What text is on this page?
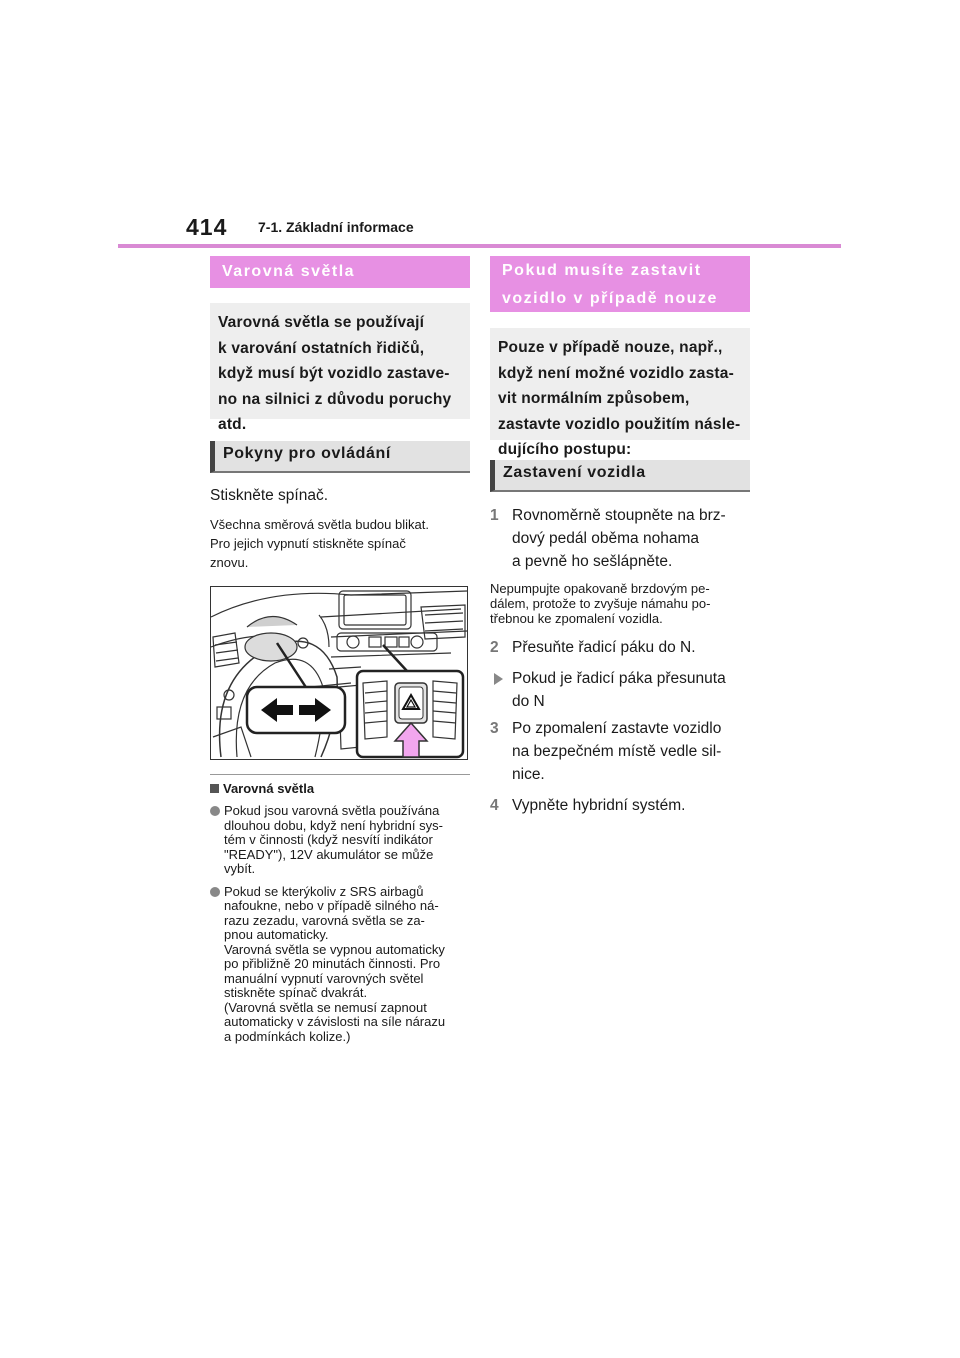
414 7-1. Základní informace
Varovná světla
Varovná světla se používají
k varování ostatních řidičů,
když musí být vozidlo zastave-
no na silnici z důvodu poruchy
atd.
Pokyny pro ovládání
Stiskněte spínač.
Všechna směrová světla budou blikat.
Pro jejich vypnutí stiskněte spínač
znovu.
Varovná světla
Pokud jsou varovná světla používána
dlouhou dobu, když není hybridní sys-
tém v činnosti (když nesvítí indikátor
"READY"), 12V akumulátor se může
vybít.
Pokud se kterýkoliv z SRS airbagů
nafoukne, nebo v případě silného ná-
razu zezadu, varovná světla se za-
pnou automaticky.
Varovná světla se vypnou automaticky
po přibližně 20 minutách činnosti. Pro
manuální vypnutí varovných světel
stiskněte spínač dvakrát.
(Varovná světla se nemusí zapnout
automaticky v závislosti na síle nárazu
a podmínkách kolize.)
Pokud musíte zastavit
vozidlo v případě nouze
Pouze v případě nouze, např.,
když není možné vozidlo zasta-
vit normálním způsobem,
zastavte vozidlo použitím násle-
dujícího postupu:
Zastavení vozidla
1 Rovnoměrně stoupněte na brz-
dový pedál oběma nohama
a pevně ho sešlápněte.
Nepumpujte opakovaně brzdovým pe-
dálem, protože to zvyšuje námahu po-
třebnou ke zpomalení vozidla.
2 Přesuňte řadicí páku do N.
Pokud je řadicí páka přesunuta
do N
3 Po zpomalení zastavte vozidlo
na bezpečném místě vedle sil-
nice.
4 Vypněte hybridní systém.
